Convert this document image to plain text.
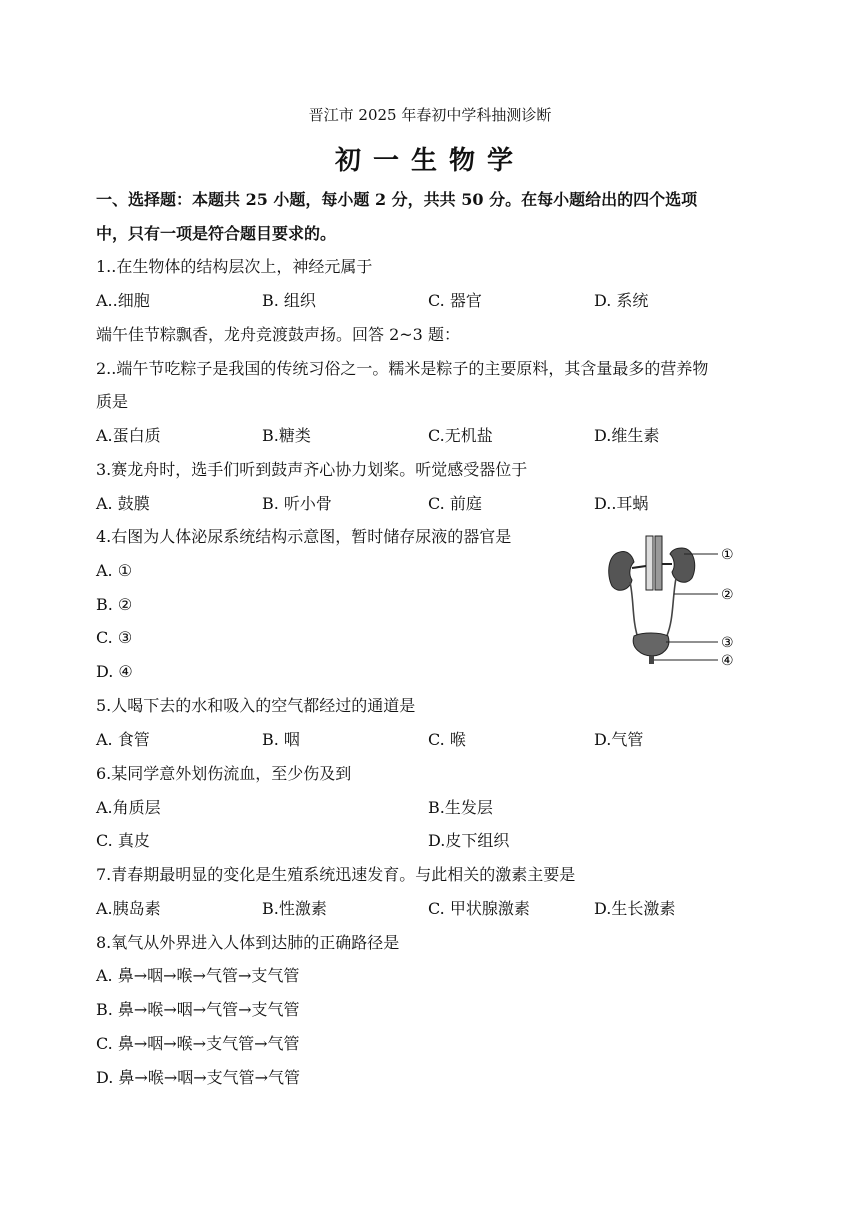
晋江市 2025 年春初中学科抽测诊断
初一生物学
一、选择题：本题共 25 小题，每小题 2 分，共共 50 分。在每小题给出的四个选项
中，只有一项是符合题目要求的。
1..在生物体的结构层次上，神经元属于
A..细胞	B. 组织	C. 器官	D. 系统
端午佳节粽飘香，龙舟竞渡鼓声扬。回答 2~3 题：
2..端午节吃粽子是我国的传统习俗之一。糯米是粽子的主要原料，其含量最多的营养物
质是
A.蛋白质	B.糖类	C.无机盐	D.维生素
3.赛龙舟时，选手们听到鼓声齐心协力划桨。听觉感受器位于
A. 鼓膜	B. 听小骨	C. 前庭	D..耳蜗
4.右图为人体泌尿系统结构示意图，暂时储存尿液的器官是
A. ①
B. ②
C. ③
D. ④
①
②
③
④
5.人喝下去的水和吸入的空气都经过的通道是
A. 食管	B. 咽	C. 喉	D.气管
6.某同学意外划伤流血，至少伤及到
A.角质层	B.生发层
C. 真皮	D.皮下组织
7.青春期最明显的变化是生殖系统迅速发育。与此相关的激素主要是
A.胰岛素	B.性激素	C. 甲状腺激素	D.生长激素
8.氧气从外界进入人体到达肺的正确路径是
A. 鼻→咽→喉→气管→支气管
B. 鼻→喉→咽→气管→支气管
C. 鼻→咽→喉→支气管→气管
D. 鼻→喉→咽→支气管→气管
